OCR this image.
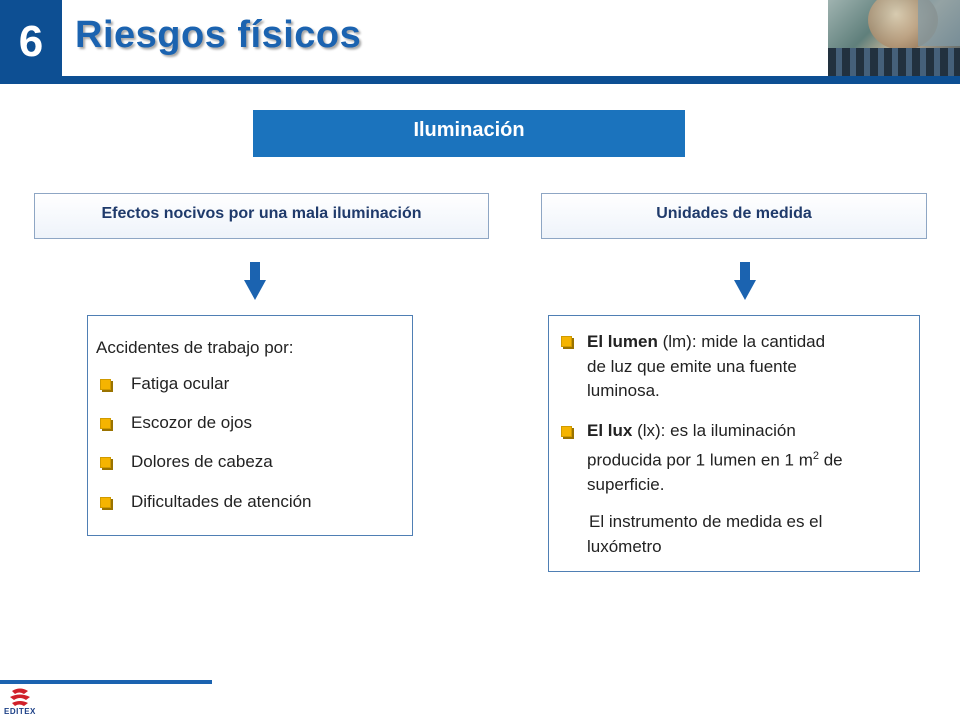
6 Riesgos físicos
Iluminación
Efectos nocivos por una mala iluminación	Unidades de medida
Accidentes de trabajo por:
Fatiga ocular
Escozor de ojos
Dolores de cabeza
Dificultades de atención
El lumen (lm): mide la cantidad
de luz que emite una fuente
luminosa.
El lux (lx): es la iluminación
producida por 1 lumen en 1 $m^2$ de
superficie.
El instrumento de medida es el
luxómetro
EDITEX
